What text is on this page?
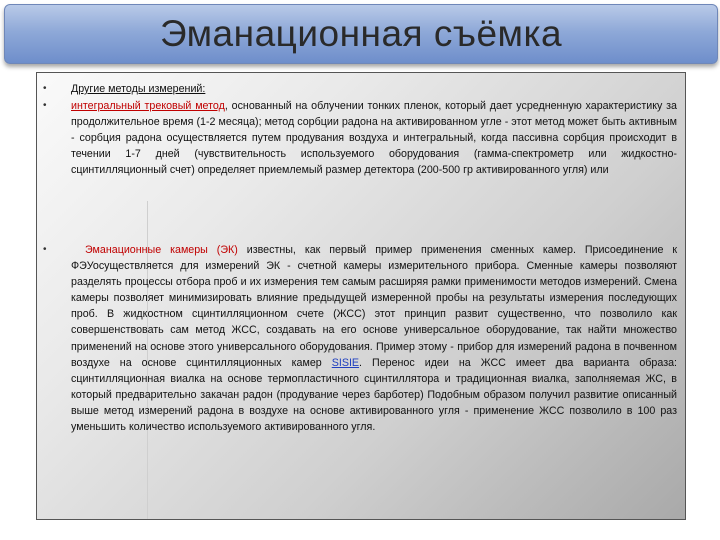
Эманационная съёмка
• Другие методы измерений:
• интегральный трековый метод, основанный на облучении тонких пленок, который дает усредненную характеристику за продолжительное время (1-2 месяца); метод сорбции радона на активированном угле - этот метод может быть активным - сорбция радона осуществляется путем продувания воздуха и интегральный, когда пассивна сорбция происходит в течении 1-7 дней (чувствительность используемого оборудования (гамма-спектрометр или жидкостно-сцинтилляционный счет) определяет приемлемый размер детектора (200-500 гр активированного угля) или
•	Эманационные камеры (ЭК) известны, как первый пример применения сменных камер. Присоединение к ФЭУосуществляется для измерений ЭК - счетной камеры измерительного прибора. Сменные камеры позволяют разделять процессы отбора проб и их измерения тем самым расширяя рамки применимости методов измерений. Смена камеры позволяет минимизировать влияние предыдущей измеренной пробы на результаты измерения последующих проб. В жидкостном сцинтилляционном счете (ЖСС) этот принцип развит существенно, что позволило как совершенствовать сам метод ЖСС, создавать на его основе универсальное оборудование, так найти множество применений на основе этого универсального оборудования. Пример этому - прибор для измерений радона в почвенном воздухе на основе сцинтилляционных камер SISIE. Перенос идеи на ЖСС имеет два варианта образа: сцинтилляционная виалка на основе термопластичного сцинтиллятора и традиционная виалка, заполняемая ЖС, в который предварительно закачан радон (продувание через барботер) Подобным образом получил развитие описанный выше метод измерений радона в воздухе на основе активированного угля - применение ЖСС позволило в 100 раз уменьшить количество используемого активированного угля.
